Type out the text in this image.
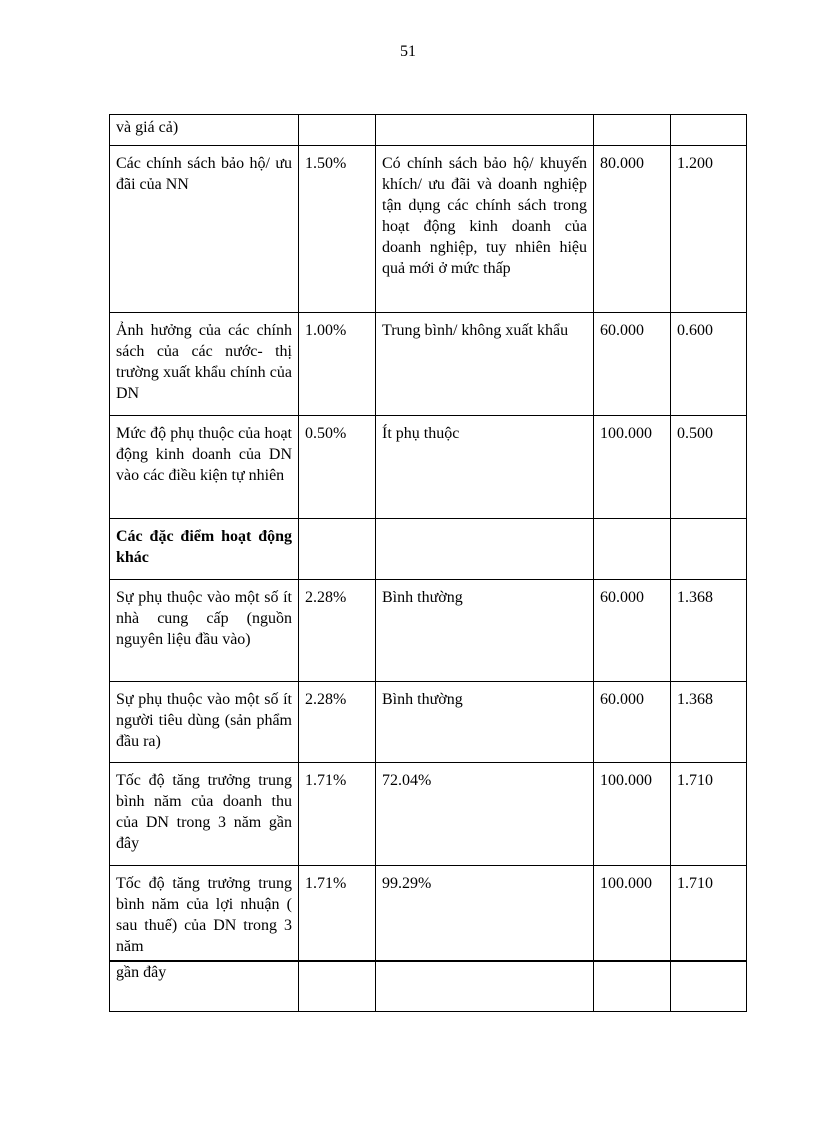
51
và giá cả)				
Các chính sách bảo hộ/ ưu đãi của NN	1.50%	Có chính sách bảo hộ/ khuyến khích/ ưu đãi và doanh nghiệp tận dụng các chính sách trong hoạt động kinh doanh của doanh nghiệp, tuy nhiên hiệu quả mới ở mức thấp	80.000	1.200
Ảnh hưởng của các chính sách của các nước- thị trường xuất khẩu chính của DN	1.00%	Trung bình/ không xuất khẩu	60.000	0.600
Mức độ phụ thuộc của hoạt động kinh doanh của DN vào các điều kiện tự nhiên	0.50%	Ít phụ thuộc	100.000	0.500
Các đặc điểm hoạt động khác				
Sự phụ thuộc vào một số ít nhà cung cấp (nguồn nguyên liệu đầu vào)	2.28%	Bình thường	60.000	1.368
Sự phụ thuộc vào một số ít người tiêu dùng (sản phẩm đầu ra)	2.28%	Bình thường	60.000	1.368
Tốc độ tăng trưởng trung bình năm của doanh thu của DN trong 3 năm gần đây	1.71%	72.04%	100.000	1.710
Tốc độ tăng trưởng trung bình năm của lợi nhuận ( sau thuế) của DN trong 3 năm	1.71%	99.29%	100.000	1.710
gần đây				
